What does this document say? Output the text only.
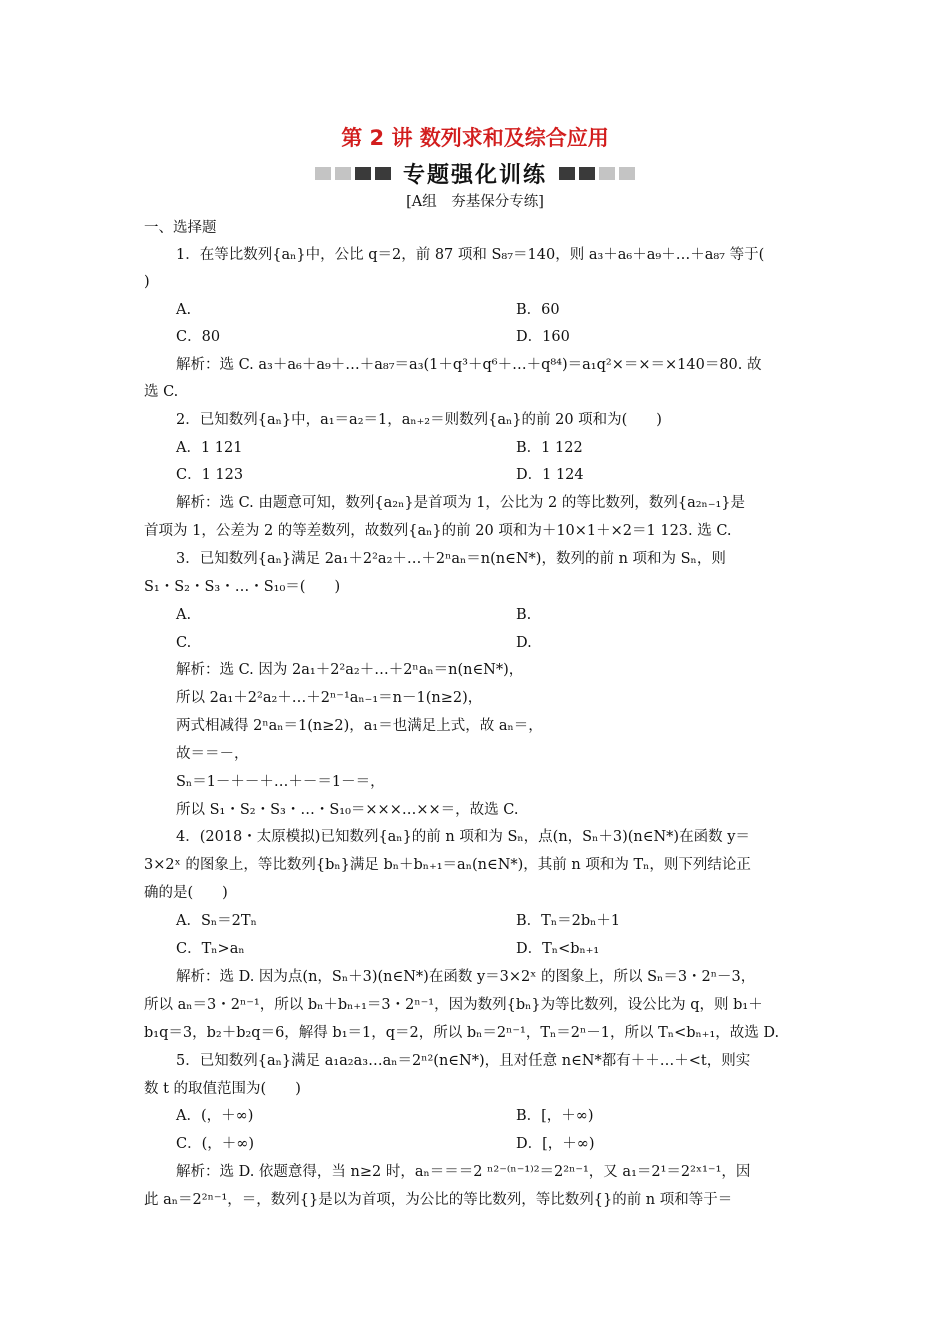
第 2 讲 数列求和及综合应用
专题强化训练
[A组　夯基保分专练]
一、选择题
1．在等比数列{aₙ}中，公比 q＝2，前 87 项和 S₈₇＝140，则 a₃＋a₆＋a₉＋…＋a₈₇ 等于(
)
A.	B．60
C．80	D．160
解析：选 C. a₃＋a₆＋a₉＋…＋a₈₇＝a₃(1＋q³＋q⁶＋…＋q⁸⁴)＝a₁q²×＝×＝×140＝80. 故
选 C.
2．已知数列{aₙ}中，a₁＝a₂＝1，aₙ₊₂＝则数列{aₙ}的前 20 项和为(　　)
A．1 121	B．1 122
C．1 123	D．1 124
解析：选 C. 由题意可知，数列{a₂ₙ}是首项为 1，公比为 2 的等比数列，数列{a₂ₙ₋₁}是
首项为 1，公差为 2 的等差数列，故数列{aₙ}的前 20 项和为＋10×1＋×2＝1 123. 选 C.
3．已知数列{aₙ}满足 2a₁＋2²a₂＋…＋2ⁿaₙ＝n(n∈N*)，数列的前 n 项和为 Sₙ，则
S₁・S₂・S₃・…・S₁₀＝(　　)
A.	B.
C.	D.
解析：选 C. 因为 2a₁＋2²a₂＋…＋2ⁿaₙ＝n(n∈N*)，
所以 2a₁＋2²a₂＋…＋2ⁿ⁻¹aₙ₋₁＝n－1(n≥2)，
两式相减得 2ⁿaₙ＝1(n≥2)，a₁＝也满足上式，故 aₙ＝，
故＝＝－，
Sₙ＝1－＋－＋…＋－＝1－＝，
所以 S₁・S₂・S₃・…・S₁₀＝×××…××＝，故选 C.
4．(2018・太原模拟)已知数列{aₙ}的前 n 项和为 Sₙ，点(n，Sₙ＋3)(n∈N*)在函数 y＝
3×2ˣ 的图象上，等比数列{bₙ}满足 bₙ＋bₙ₊₁＝aₙ(n∈N*)，其前 n 项和为 Tₙ，则下列结论正
确的是(　　)
A．Sₙ＝2Tₙ	B．Tₙ＝2bₙ＋1
C．Tₙ>aₙ	D．Tₙ<bₙ₊₁
解析：选 D. 因为点(n，Sₙ＋3)(n∈N*)在函数 y＝3×2ˣ 的图象上，所以 Sₙ＝3・2ⁿ－3，
所以 aₙ＝3・2ⁿ⁻¹，所以 bₙ＋bₙ₊₁＝3・2ⁿ⁻¹，因为数列{bₙ}为等比数列，设公比为 q，则 b₁＋
b₁q＝3，b₂＋b₂q＝6，解得 b₁＝1，q＝2，所以 bₙ＝2ⁿ⁻¹，Tₙ＝2ⁿ－1，所以 Tₙ<bₙ₊₁，故选 D.
5．已知数列{aₙ}满足 a₁a₂a₃…aₙ＝2ⁿ²(n∈N*)，且对任意 n∈N*都有＋＋…＋<t，则实
数 t 的取值范围为(　　)
A．(，＋∞)	B．[，＋∞)
C．(，＋∞)	D．[，＋∞)
解析：选 D. 依题意得，当 n≥2 时，aₙ＝＝＝2 ⁿ²⁻⁽ⁿ⁻¹⁾²＝2²ⁿ⁻¹，又 a₁＝2¹＝2²ˣ¹⁻¹，因
此 aₙ＝2²ⁿ⁻¹，＝，数列{}是以为首项，为公比的等比数列，等比数列{}的前 n 项和等于＝
